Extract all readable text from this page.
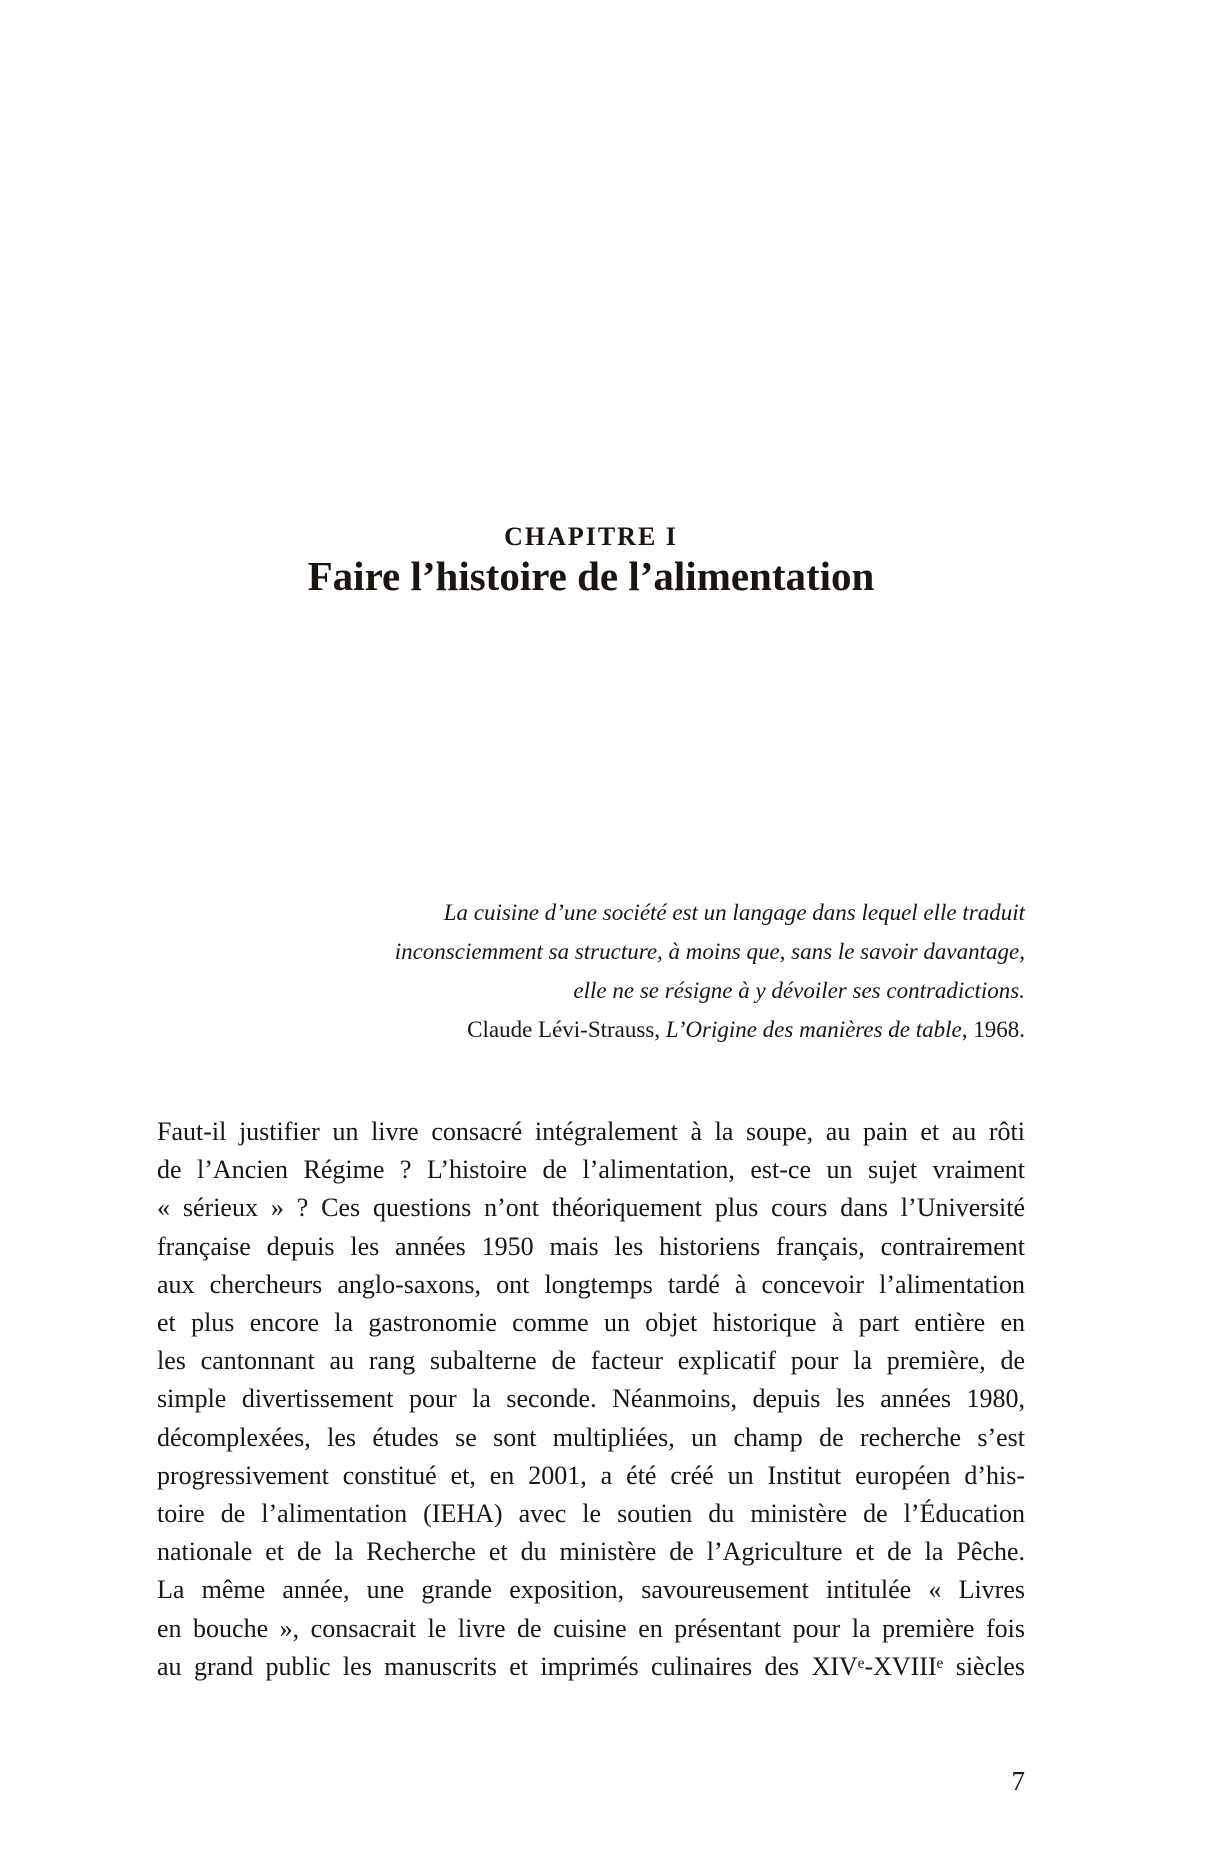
CHAPITRE I
Faire l’histoire de l’alimentation
La cuisine d’une société est un langage dans lequel elle traduit
inconsciemment sa structure, à moins que, sans le savoir davantage,
elle ne se résigne à y dévoiler ses contradictions.
Claude Lévi-Strauss, L’Origine des manières de table, 1968.
Faut-il justifier un livre consacré intégralement à la soupe, au pain et au rôti
de l’Ancien Régime ? L’histoire de l’alimentation, est-ce un sujet vraiment
« sérieux » ? Ces questions n’ont théoriquement plus cours dans l’Université
française depuis les années 1950 mais les historiens français, contrairement
aux chercheurs anglo-saxons, ont longtemps tardé à concevoir l’alimentation
et plus encore la gastronomie comme un objet historique à part entière en
les cantonnant au rang subalterne de facteur explicatif pour la première, de
simple divertissement pour la seconde. Néanmoins, depuis les années 1980,
décomplexées, les études se sont multipliées, un champ de recherche s’est
progressivement constitué et, en 2001, a été créé un Institut européen d’his-
toire de l’alimentation (IEHA) avec le soutien du ministère de l’Éducation
nationale et de la Recherche et du ministère de l’Agriculture et de la Pêche.
La même année, une grande exposition, savoureusement intitulée « Livres
en bouche », consacrait le livre de cuisine en présentant pour la première fois
au grand public les manuscrits et imprimés culinaires des XIVᵉ-XVIIIᵉ siècles
7
